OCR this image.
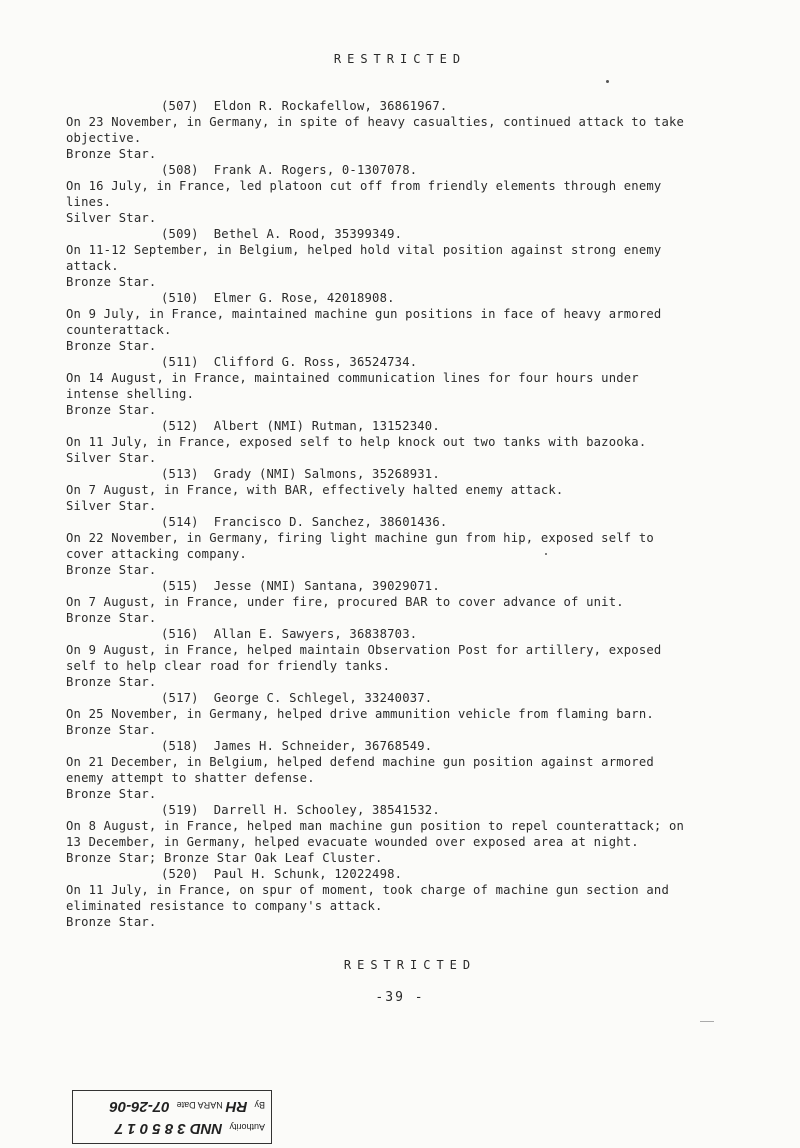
RESTRICTED
(507)  Eldon R. Rockafellow, 36861967.
On 23 November, in Germany, in spite of heavy casualties, continued attack to take objective.
Bronze Star.
(508)  Frank A. Rogers, 0-1307078.
On 16 July, in France, led platoon cut off from friendly elements through enemy lines.
Silver Star.
(509)  Bethel A. Rood, 35399349.
On 11-12 September, in Belgium, helped hold vital position against strong enemy attack.
Bronze Star.
(510)  Elmer G. Rose, 42018908.
On 9 July, in France, maintained machine gun positions in face of heavy armored counterattack.
Bronze Star.
(511)  Clifford G. Ross, 36524734.
On 14 August, in France, maintained communication lines for four hours under intense shelling.
Bronze Star.
(512)  Albert (NMI) Rutman, 13152340.
On 11 July, in France, exposed self to help knock out two tanks with bazooka.
Silver Star.
(513)  Grady (NMI) Salmons, 35268931.
On 7 August, in France, with BAR, effectively halted enemy attack.
Silver Star.
(514)  Francisco D. Sanchez, 38601436.
On 22 November, in Germany, firing light machine gun from hip, exposed self to cover attacking company.
Bronze Star.
(515)  Jesse (NMI) Santana, 39029071.
On 7 August, in France, under fire, procured BAR to cover advance of unit.
Bronze Star.
(516)  Allan E. Sawyers, 36838703.
On 9 August, in France, helped maintain Observation Post for artillery, exposed self to help clear road for friendly tanks.
Bronze Star.
(517)  George C. Schlegel, 33240037.
On 25 November, in Germany, helped drive ammunition vehicle from flaming barn.
Bronze Star.
(518)  James H. Schneider, 36768549.
On 21 December, in Belgium, helped defend machine gun position against armored enemy attempt to shatter defense.
Bronze Star.
(519)  Darrell H. Schooley, 38541532.
On 8 August, in France, helped man machine gun position to repel counterattack; on 13 December, in Germany, helped evacuate wounded over exposed area at night.
Bronze Star; Bronze Star Oak Leaf Cluster.
(520)  Paul H. Schunk, 12022498.
On 11 July, in France, on spur of moment, took charge of machine gun section and eliminated resistance to company's attack.
Bronze Star.
RESTRICTED
-39 -
Authority NND 3 8 5 0 1 7
By RH NARA Date 07-26-06
